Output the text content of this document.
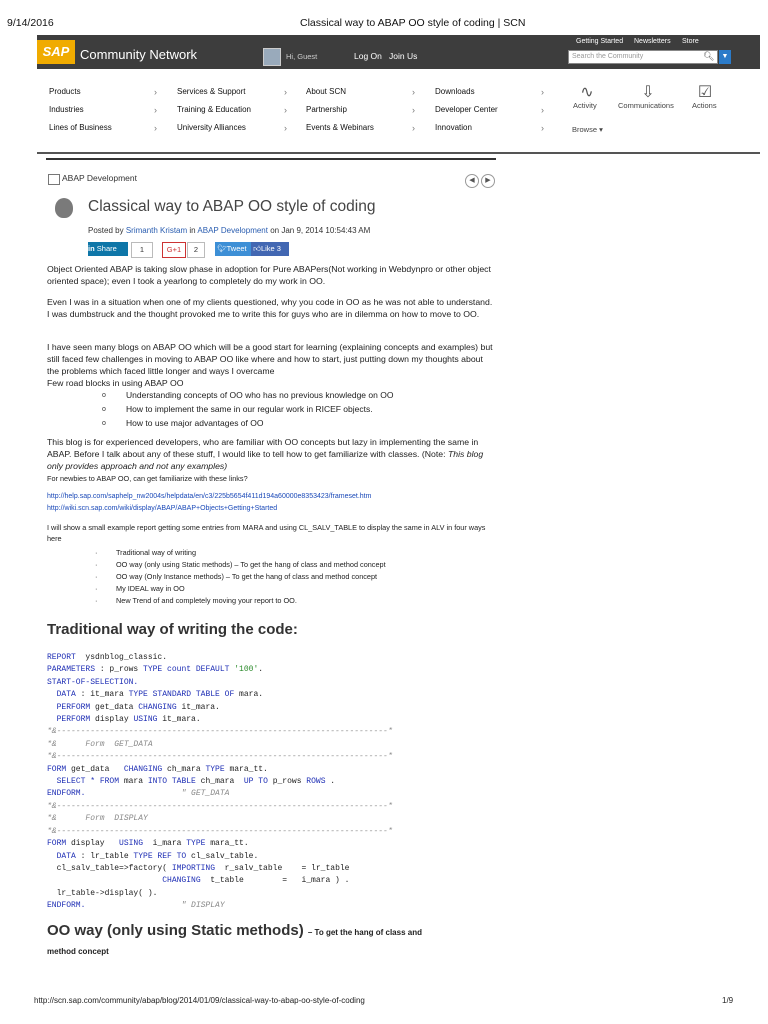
9/14/2016	Classical way to ABAP OO style of coding | SCN
SAP Community Network	Hi, Guest	Log On Join Us
Getting Started Newsletters Store
Search the Community	🔍︎	▼
Products
Industries
Lines of Business
›
›
›
Services & Support
Training & Education
University Alliances
›
›
›
About SCN
Partnership
Events & Webinars
›
›
›
Downloads
Developer Center
Innovation
›
›
›
∿
Activity
⇩
Communications
☑
Actions
Browse ▾
ABAP Development	◀	▶
Classical way to ABAP OO style of coding
Posted by Srimanth Kristam in ABAP Development on Jan 9, 2014 10:54:43 AM
in Share	1	G+1	2	🐦︎Tweet 👍︎Like 3
Object Oriented ABAP is taking slow phase in adoption for Pure ABAPers(Not working in Webdynpro or other object oriented space); even I took a yearlong to completely do my work in OO.
Even I was in a situation when one of my clients questioned, why you code in OO as he was not able to understand. I was dumbstruck and the thought provoked me to write this for guys who are in dilemma on how to move to OO.
I have seen many blogs on ABAP OO which will be a good start for learning (explaining concepts and examples) but still faced few challenges in moving to ABAP OO like where and how to start, just putting down my thoughts about the problems which faced little longer and ways I overcame
Few road blocks in using ABAP OO
o Understanding concepts of OO who has no previous knowledge on OO
o How to implement the same in our regular work in RICEF objects.
o How to use major advantages of OO
This blog is for experienced developers, who are familiar with OO concepts but lazy in implementing the same in ABAP. Before I talk about any of these stuff, I would like to tell how to get familiarize with classes. (Note: This blog only provides approach and not any examples)
For newbies to ABAP OO, can get familiarize with these links?
http://help.sap.com/saphelp_nw2004s/helpdata/en/c3/225b5654f411d194a60000e8353423/frameset.htm
http://wiki.scn.sap.com/wiki/display/ABAP/ABAP+Objects+Getting+Started
I will show a small example report getting some entries from MARA and using CL_SALV_TABLE to display the same in ALV in four ways here
·	Traditional way of writing
·	OO way (only using Static methods) – To get the hang of class and method concept
·	OO way (Only Instance methods) – To get the hang of class and method concept
·	My IDEAL way in OO
·	New Trend of and completely moving your report to OO.
Traditional way of writing the code:
REPORT ysdnblog_classic.
PARAMETERS : p_rows TYPE count DEFAULT '100'.
START-OF-SELECTION.
DATA : it_mara TYPE STANDARD TABLE OF mara.
PERFORM get_data CHANGING it_mara.
PERFORM display USING it_mara.
*&---------------------------------------------------------------------*
*&      Form  GET_DATA
*&---------------------------------------------------------------------*
FORM get_data   CHANGING ch_mara TYPE mara_tt.
SELECT * FROM mara INTO TABLE ch_mara  UP TO p_rows ROWS .
ENDFORM.	" GET_DATA
*&---------------------------------------------------------------------*
*&      Form  DISPLAY
*&---------------------------------------------------------------------*
FORM display   USING  i_mara TYPE mara_tt.
DATA : lr_table TYPE REF TO cl_salv_table.
cl_salv_table=>factory( IMPORTING  r_salv_table    = lr_table
CHANGING  t_table        =   i_mara ) .
lr_table->display( ).
ENDFORM.	" DISPLAY
OO way (only using Static methods) – To get the hang of class and
method concept
http://scn.sap.com/community/abap/blog/2014/01/09/classical-way-to-abap-oo-style-of-coding	1/9
